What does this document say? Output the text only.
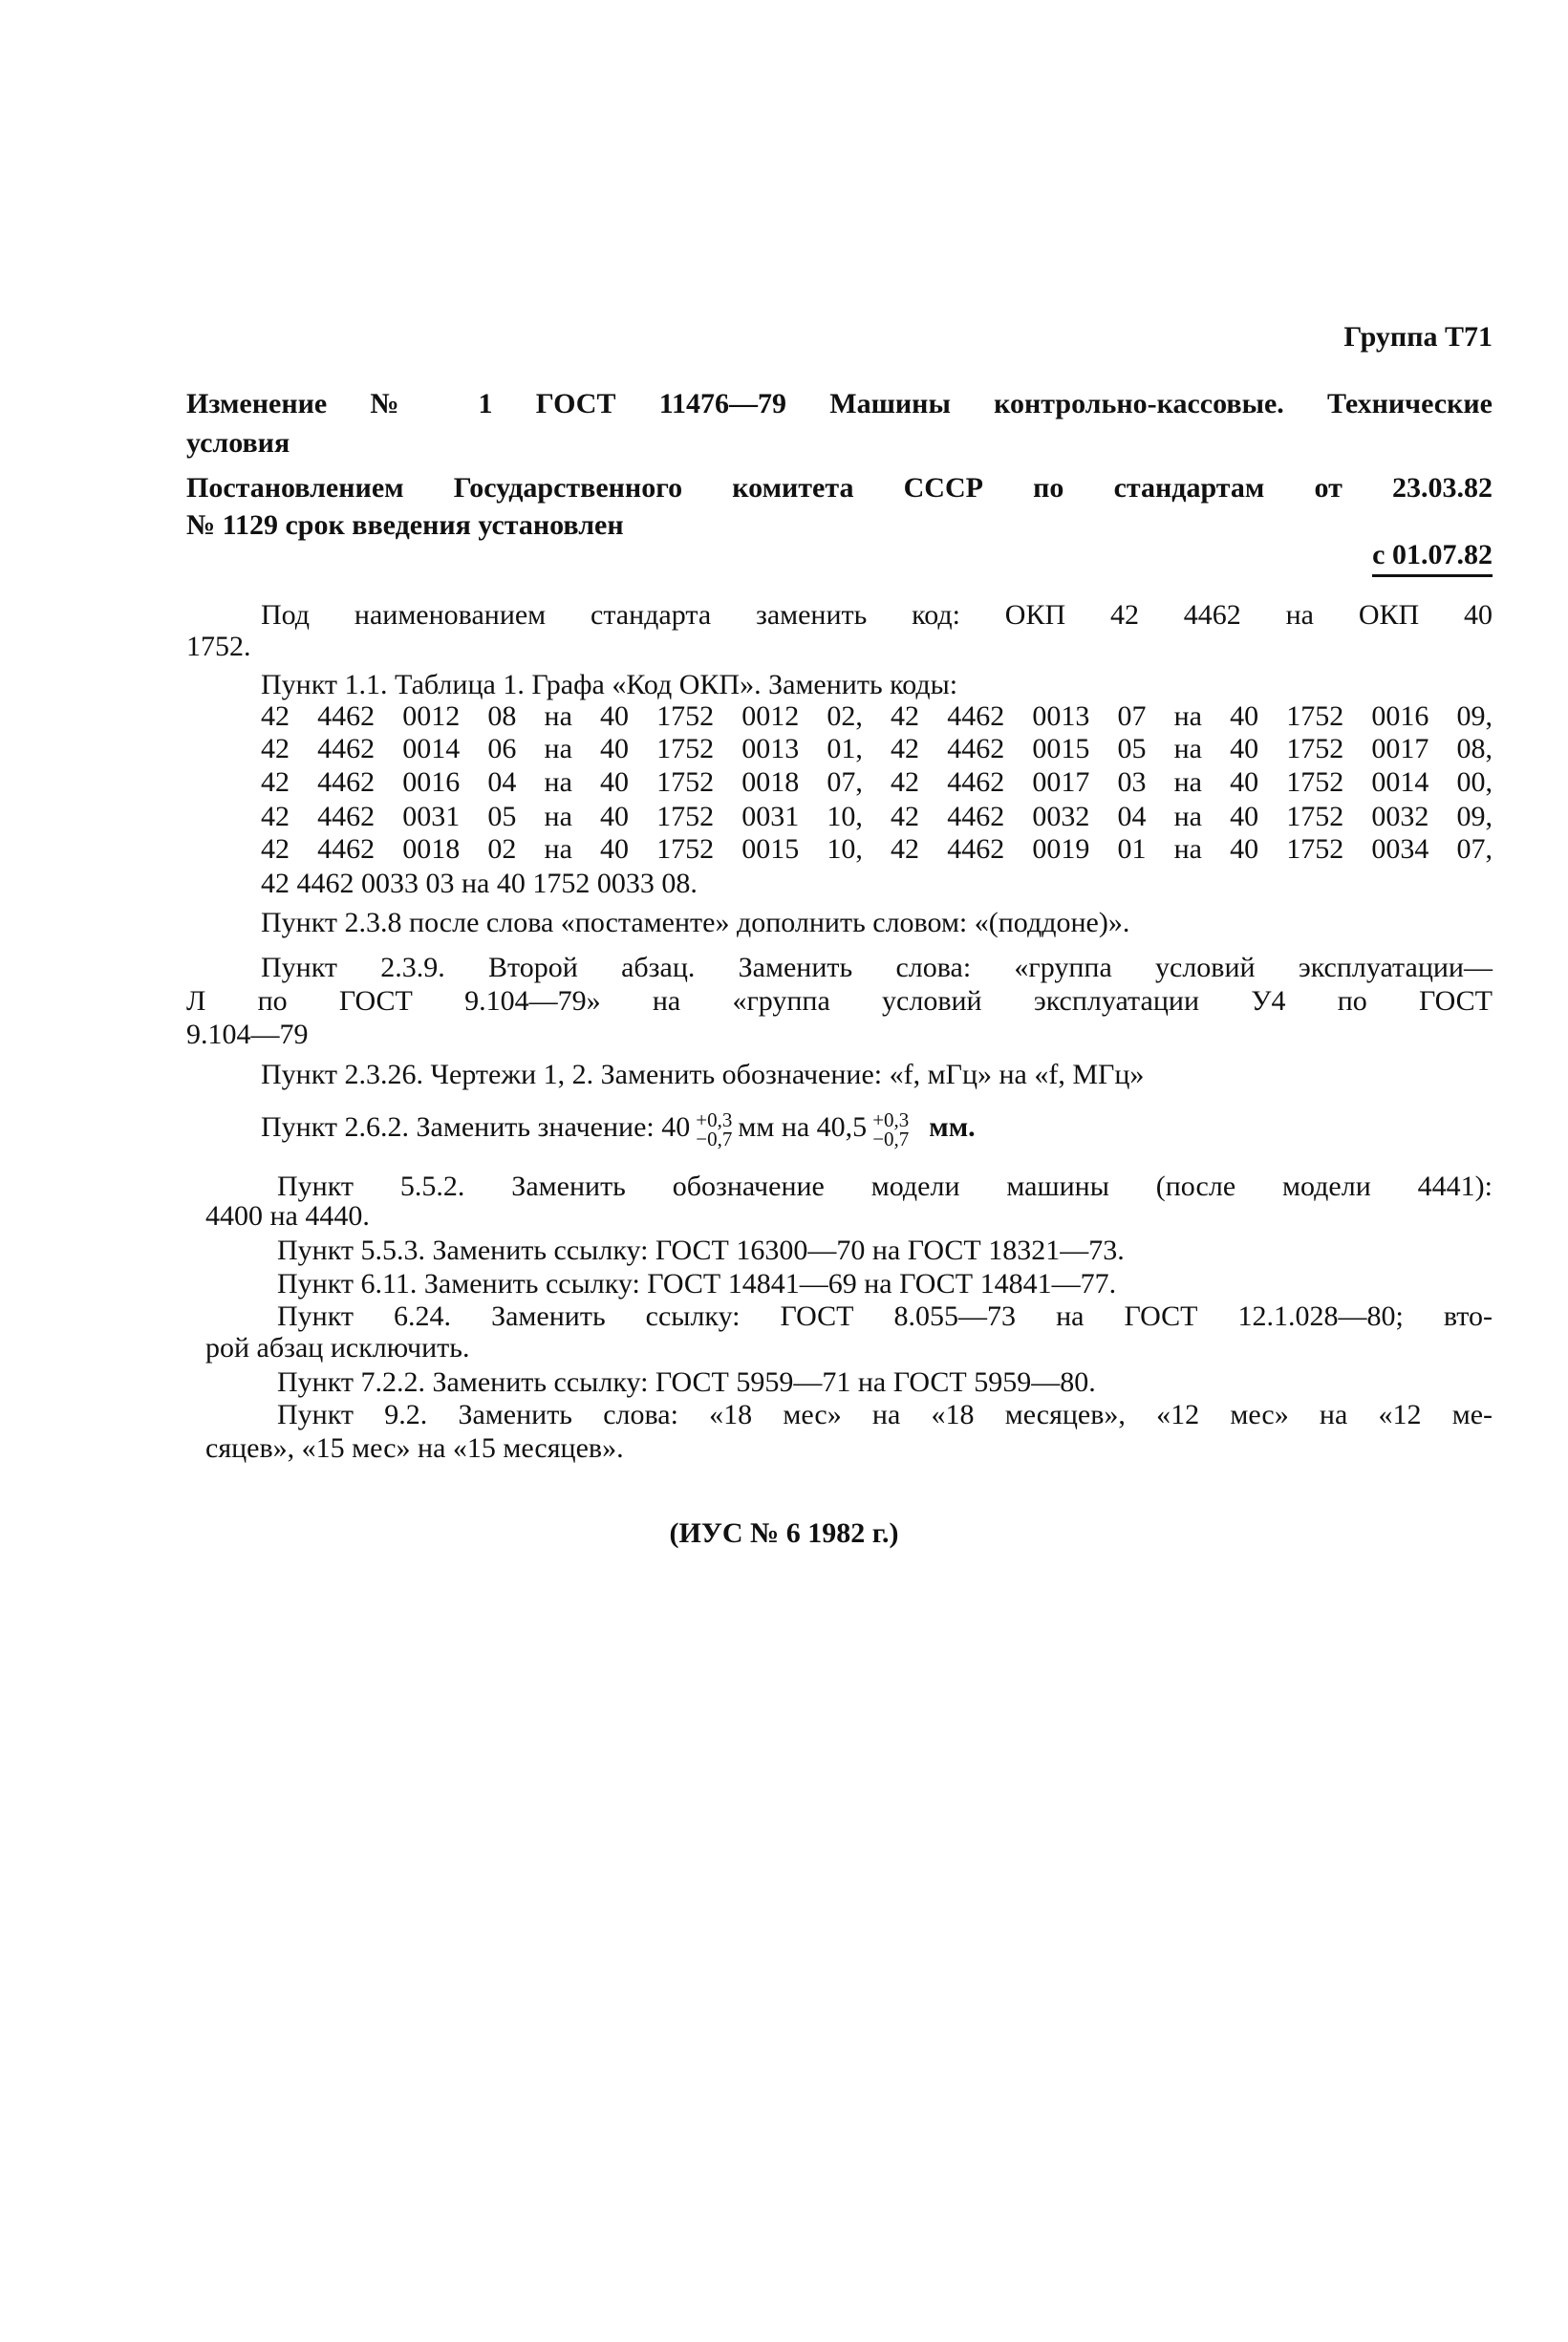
Группа Т71
Изменение № 1 ГОСТ 11476—79 Машины контрольно-кассовые. Технические
условия
Постановлением Государственного комитета СССР по стандартам от 23.03.82
№ 1129 срок введения установлен
с 01.07.82
Под наименованием стандарта заменить код: ОКП 42 4462 на ОКП 40
1752.
Пункт 1.1. Таблица 1. Графа «Код ОКП». Заменить коды:
42 4462 0012 08 на 40 1752 0012 02, 42 4462 0013 07 на 40 1752 0016 09,
42 4462 0014 06 на 40 1752 0013 01, 42 4462 0015 05 на 40 1752 0017 08,
42 4462 0016 04 на 40 1752 0018 07, 42 4462 0017 03 на 40 1752 0014 00,
42 4462 0031 05 на 40 1752 0031 10, 42 4462 0032 04 на 40 1752 0032 09,
42 4462 0018 02 на 40 1752 0015 10, 42 4462 0019 01 на 40 1752 0034 07,
42 4462 0033 03 на 40 1752 0033 08.
Пункт 2.3.8 после слова «постаменте» дополнить словом: «(поддоне)».
Пункт 2.3.9. Второй абзац. Заменить слова: «группа условий эксплуатации—
Л по ГОСТ 9.104—79» на «группа условий эксплуатации У4 по ГОСТ
9.104—79
Пункт 2.3.26. Чертежи 1, 2. Заменить обозначение: «f, мГц» на «f, МГц»
Пункт 2.6.2. Заменить значение: 40 +0,3
−0,7 мм на 40,5 +0,3
−0,7 мм.
Пункт 5.5.2. Заменить обозначение модели машины (после модели 4441):
4400 на 4440.
Пункт 5.5.3. Заменить ссылку: ГОСТ 16300—70 на ГОСТ 18321—73.
Пункт 6.11. Заменить ссылку: ГОСТ 14841—69 на ГОСТ 14841—77.
Пункт 6.24. Заменить ссылку: ГОСТ 8.055—73 на ГОСТ 12.1.028—80; вто-
рой абзац исключить.
Пункт 7.2.2. Заменить ссылку: ГОСТ 5959—71 на ГОСТ 5959—80.
Пункт 9.2. Заменить слова: «18 мес» на «18 месяцев», «12 мес» на «12 ме-
сяцев», «15 мес» на «15 месяцев».
(ИУС № 6 1982 г.)
